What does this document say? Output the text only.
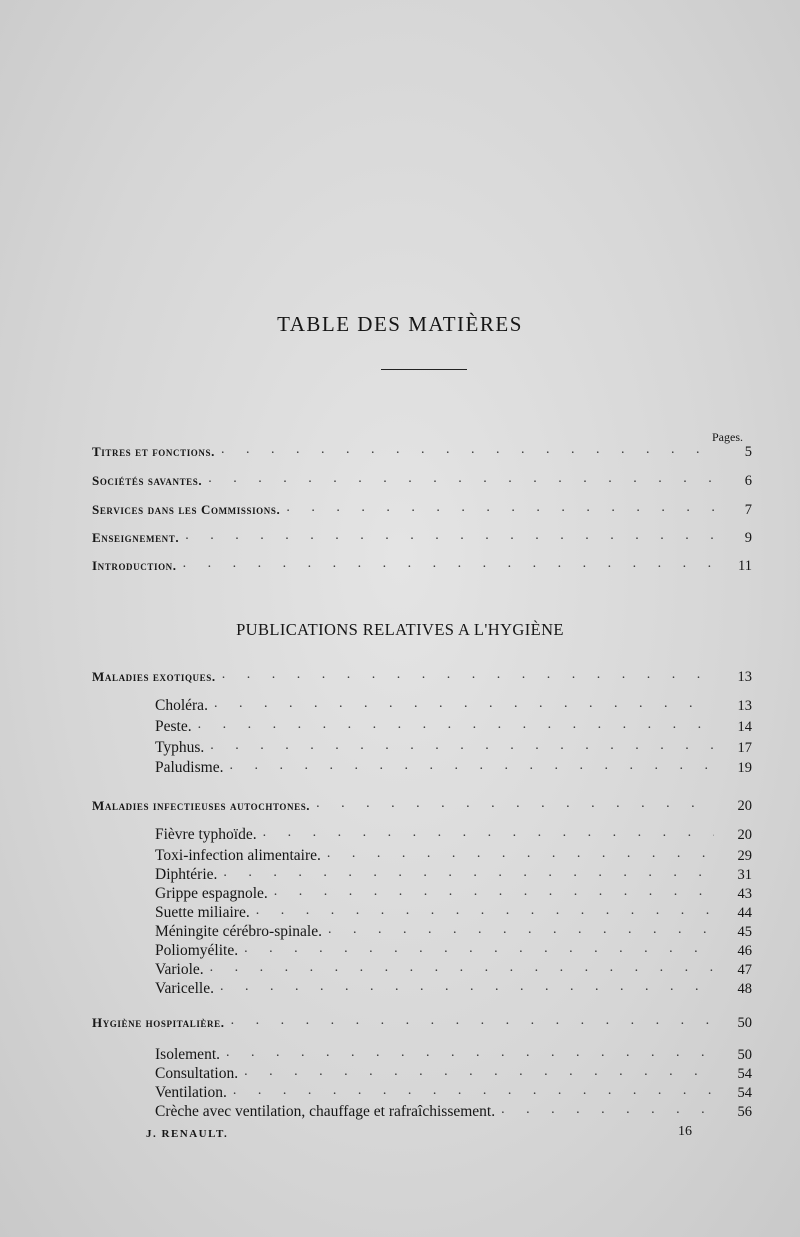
TABLE DES MATIÈRES
Pages.
Titres et fonctions. . . .	5
Sociétés savantes. . . .	6
Services dans les Commissions. . . .	7
Enseignement. . . .	9
Introduction. . . .	11
PUBLICATIONS RELATIVES A L'HYGIÈNE
Maladies exotiques. . . .	13
Choléra. . . .	13
Peste. . . .	14
Typhus. . . .	17
Paludisme. . . .	19
Maladies infectieuses autochtones. . . .	20
Fièvre typhoïde. . . .	20
Toxi-infection alimentaire. . . .	29
Diphtérie. . . .	31
Grippe espagnole. . . .	43
Suette miliaire. . . .	44
Méningite cérébro-spinale. . . .	45
Poliomyélite. . . .	46
Variole. . . .	47
Varicelle. . . .	48
Hygiène hospitalière. . . .	50
Isolement. . . .	50
Consultation. . . .	54
Ventilation. . . .	54
Crèche avec ventilation, chauffage et rafraîchissement. . . .	56
J. RENAULT.	16
